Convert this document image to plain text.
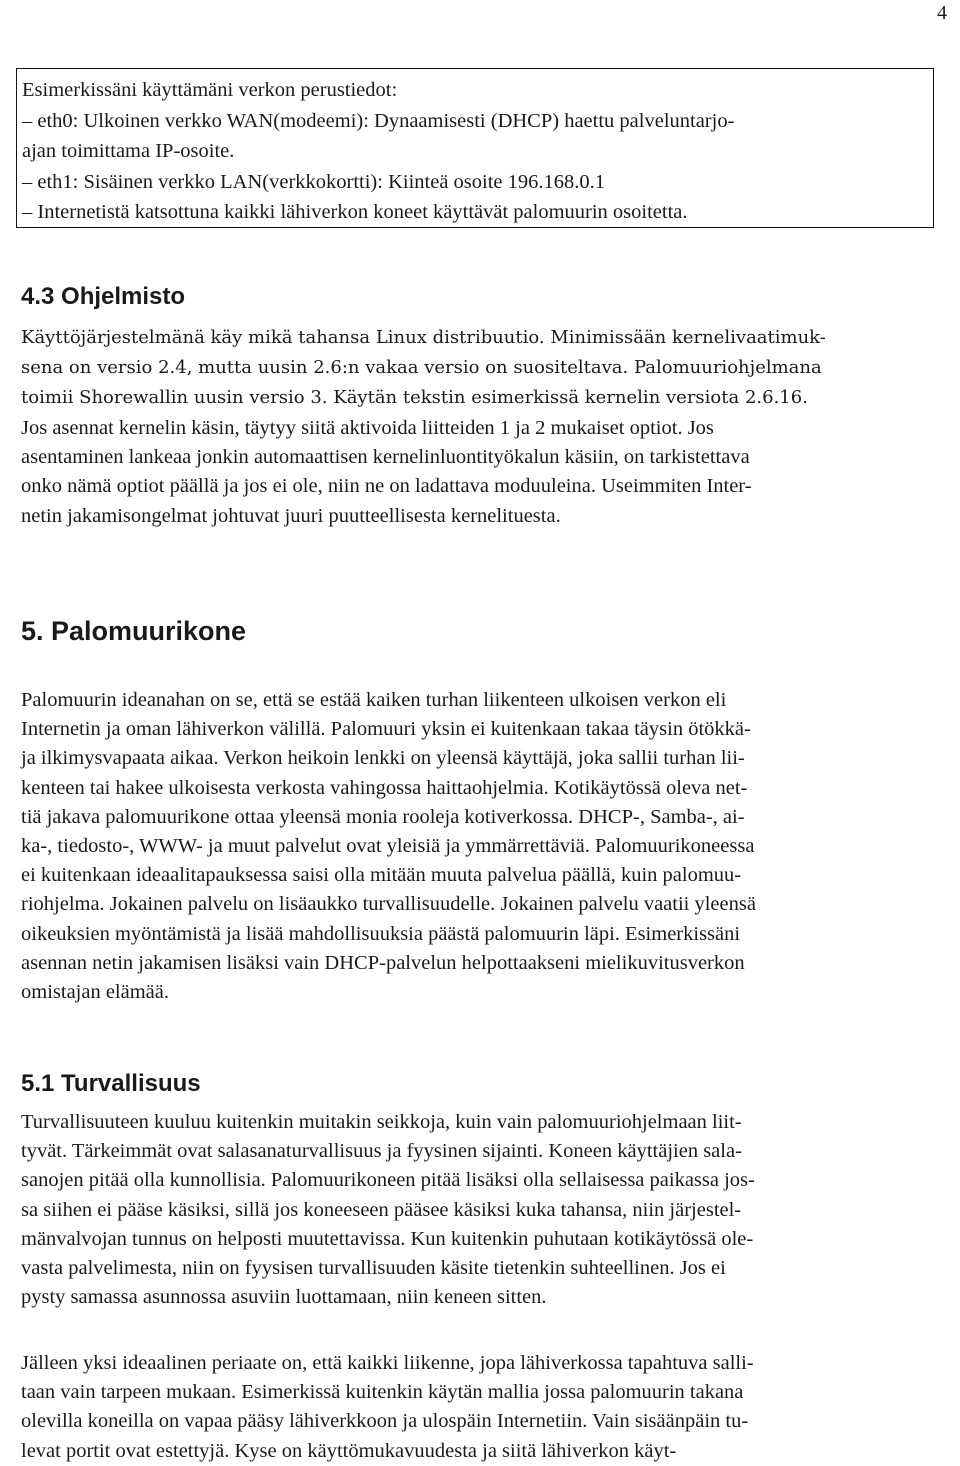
4

Esimerkissäni käyttämäni verkon perustiedot:

– eth0: Ulkoinen verkko WAN(modeemi): Dynaamisesti (DHCP) haettu palveluntarjo-

ajan toimittama IP-osoite.

– eth1: Sisäinen verkko LAN(verkkokortti): Kiinteä osoite 196.168.0.1

– Internetistä katsottuna kaikki lähiverkon koneet käyttävät palomuurin osoitetta.

4.3 Ohjelmisto
Käyttöjärjestelmänä käy mikä tahansa Linux distribuutio. Minimissään kernelivaatimuk-
sena on versio 2.4, mutta uusin 2.6:n vakaa versio on suositeltava. Palomuuriohjelmana
toimii Shorewallin uusin versio 3. Käytän tekstin esimerkissä kernelin versiota 2.6.16.
Jos asennat kernelin käsin, täytyy siitä aktivoida liitteiden 1 ja 2 mukaiset optiot. Jos
asentaminen lankeaa jonkin automaattisen kernelinluontityökalun käsiin, on tarkistettava
onko nämä optiot päällä ja jos ei ole, niin ne on ladattava moduuleina. Useimmiten Inter-
netin jakamisongelmat johtuvat juuri puutteellisesta kernelituesta.
5. Palomuurikone
Palomuurin ideanahan on se, että se estää kaiken turhan liikenteen ulkoisen verkon eli
Internetin ja oman lähiverkon välillä. Palomuuri yksin ei kuitenkaan takaa täysin ötökkä-
ja ilkimysvapaata aikaa. Verkon heikoin lenkki on yleensä käyttäjä, joka sallii turhan lii-
kenteen tai hakee ulkoisesta verkosta vahingossa haittaohjelmia. Kotikäytössä oleva net-
tiä jakava palomuurikone ottaa yleensä monia rooleja kotiverkossa. DHCP-, Samba-, ai-
ka-, tiedosto-, WWW- ja muut palvelut ovat yleisiä ja ymmärrettäviä. Palomuurikoneessa
ei kuitenkaan ideaalitapauksessa saisi olla mitään muuta palvelua päällä, kuin palomuu-
riohjelma. Jokainen palvelu on lisäaukko turvallisuudelle. Jokainen palvelu vaatii yleensä
oikeuksien myöntämistä ja lisää mahdollisuuksia päästä palomuurin läpi. Esimerkissäni
asennan netin jakamisen lisäksi vain DHCP-palvelun helpottaakseni mielikuvitusverkon
omistajan elämää.
5.1 Turvallisuus
Turvallisuuteen kuuluu kuitenkin muitakin seikkoja, kuin vain palomuuriohjelmaan liit-
tyvät. Tärkeimmät ovat salasanaturvallisuus ja fyysinen sijainti. Koneen käyttäjien sala-
sanojen pitää olla kunnollisia. Palomuurikoneen pitää lisäksi olla sellaisessa paikassa jos-
sa siihen ei pääse käsiksi, sillä jos koneeseen pääsee käsiksi kuka tahansa, niin järjestel-
mänvalvojan tunnus on helposti muutettavissa. Kun kuitenkin puhutaan kotikäytössä ole-
vasta palvelimesta, niin on fyysisen turvallisuuden käsite tietenkin suhteellinen. Jos ei
pysty samassa asunnossa asuviin luottamaan, niin keneen sitten.
Jälleen yksi ideaalinen periaate on, että kaikki liikenne, jopa lähiverkossa tapahtuva salli-
taan vain tarpeen mukaan. Esimerkissä kuitenkin käytän mallia jossa palomuurin takana
olevilla koneilla on vapaa pääsy lähiverkkoon ja ulospäin Internetiin. Vain sisäänpäin tu-
levat portit ovat estettyjä. Kyse on käyttömukavuudesta ja siitä lähiverkon käyt-
